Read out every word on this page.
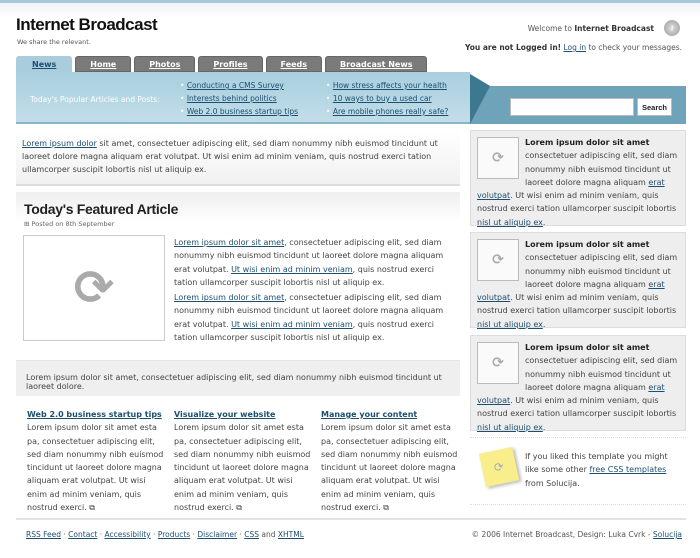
Internet Broadcast
We share the relevant.
Welcome to Internet Broadcast	⚷
You are not Logged in! Log in to check your messages.
News	Home	Photos	Profiles	Feeds	Broadcast News
Today's Popular Articles and Posts:
• Conducting a CMS Survey
• Interests behind politics
• Web 2.0 business startup tips
• How stress affects your health
• 10 ways to buy a used car
• Are mobile phones really safe?	Search
Lorem ipsum dolor sit amet, consectetuer adipiscing elit, sed diam nonummy nibh euismod tincidunt ut laoreet dolore magna aliquam erat volutpat. Ut wisi enim ad minim veniam, quis nostrud exerci tation ullamcorper suscipit lobortis nisl ut aliquip ex.
Today's Featured Article
⊞ Posted on 8th September
⟳

Lorem ipsum dolor sit amet, consectetuer adipiscing elit, sed diam nonummy nibh euismod tincidunt ut laoreet dolore magna aliquam erat volutpat. Ut wisi enim ad minim veniam, quis nostrud exerci tation ullamcorper suscipit lobortis nisl ut aliquip ex.

Lorem ipsum dolor sit amet, consectetuer adipiscing elit, sed diam nonummy nibh euismod tincidunt ut laoreet dolore magna aliquam erat volutpat. Ut wisi enim ad minim veniam, quis nostrud exerci tation ullamcorper suscipit lobortis nisl ut aliquip ex.

Lorem ipsum dolor sit amet, consectetuer adipiscing elit, sed diam nonummy nibh euismod tincidunt ut laoreet dolore.
Web 2.0 business startup tips
Lorem ipsum dolor sit amet esta pa, consectetuer adipiscing elit, sed diam nonummy nibh euismod tincidunt ut laoreet dolore magna aliquam erat volutpat. Ut wisi enim ad minim veniam, quis nostrud exerci. ⧉
Visualize your website
Lorem ipsum dolor sit amet esta pa, consectetuer adipiscing elit, sed diam nonummy nibh euismod tincidunt ut laoreet dolore magna aliquam erat volutpat. Ut wisi enim ad minim veniam, quis nostrud exerci. ⧉
Manage your content
Lorem ipsum dolor sit amet esta pa, consectetuer adipiscing elit, sed diam nonummy nibh euismod tincidunt ut laoreet dolore magna aliquam erat volutpat. Ut wisi enim ad minim veniam, quis nostrud exerci. ⧉
⟳
Lorem ipsum dolor sit amet
consectetuer adipiscing elit, sed diam nonummy nibh euismod tincidunt ut laoreet dolore magna aliquam erat volutpat. Ut wisi enim ad minim veniam, quis nostrud exerci tation ullamcorper suscipit lobortis nisl ut aliquip ex.
⟳
Lorem ipsum dolor sit amet
consectetuer adipiscing elit, sed diam nonummy nibh euismod tincidunt ut laoreet dolore magna aliquam erat volutpat. Ut wisi enim ad minim veniam, quis nostrud exerci tation ullamcorper suscipit lobortis nisl ut aliquip ex.
⟳
Lorem ipsum dolor sit amet
consectetuer adipiscing elit, sed diam nonummy nibh euismod tincidunt ut laoreet dolore magna aliquam erat volutpat. Ut wisi enim ad minim veniam, quis nostrud exerci tation ullamcorper suscipit lobortis nisl ut aliquip ex.
⟳
If you liked this template you might like some other free CSS templates from Solucija.
RSS Feed · Contact · Accessibility · Products · Disclaimer · CSS and XHTML	© 2006 Internet Broadcast, Design: Luka Cvrk - Solucija
